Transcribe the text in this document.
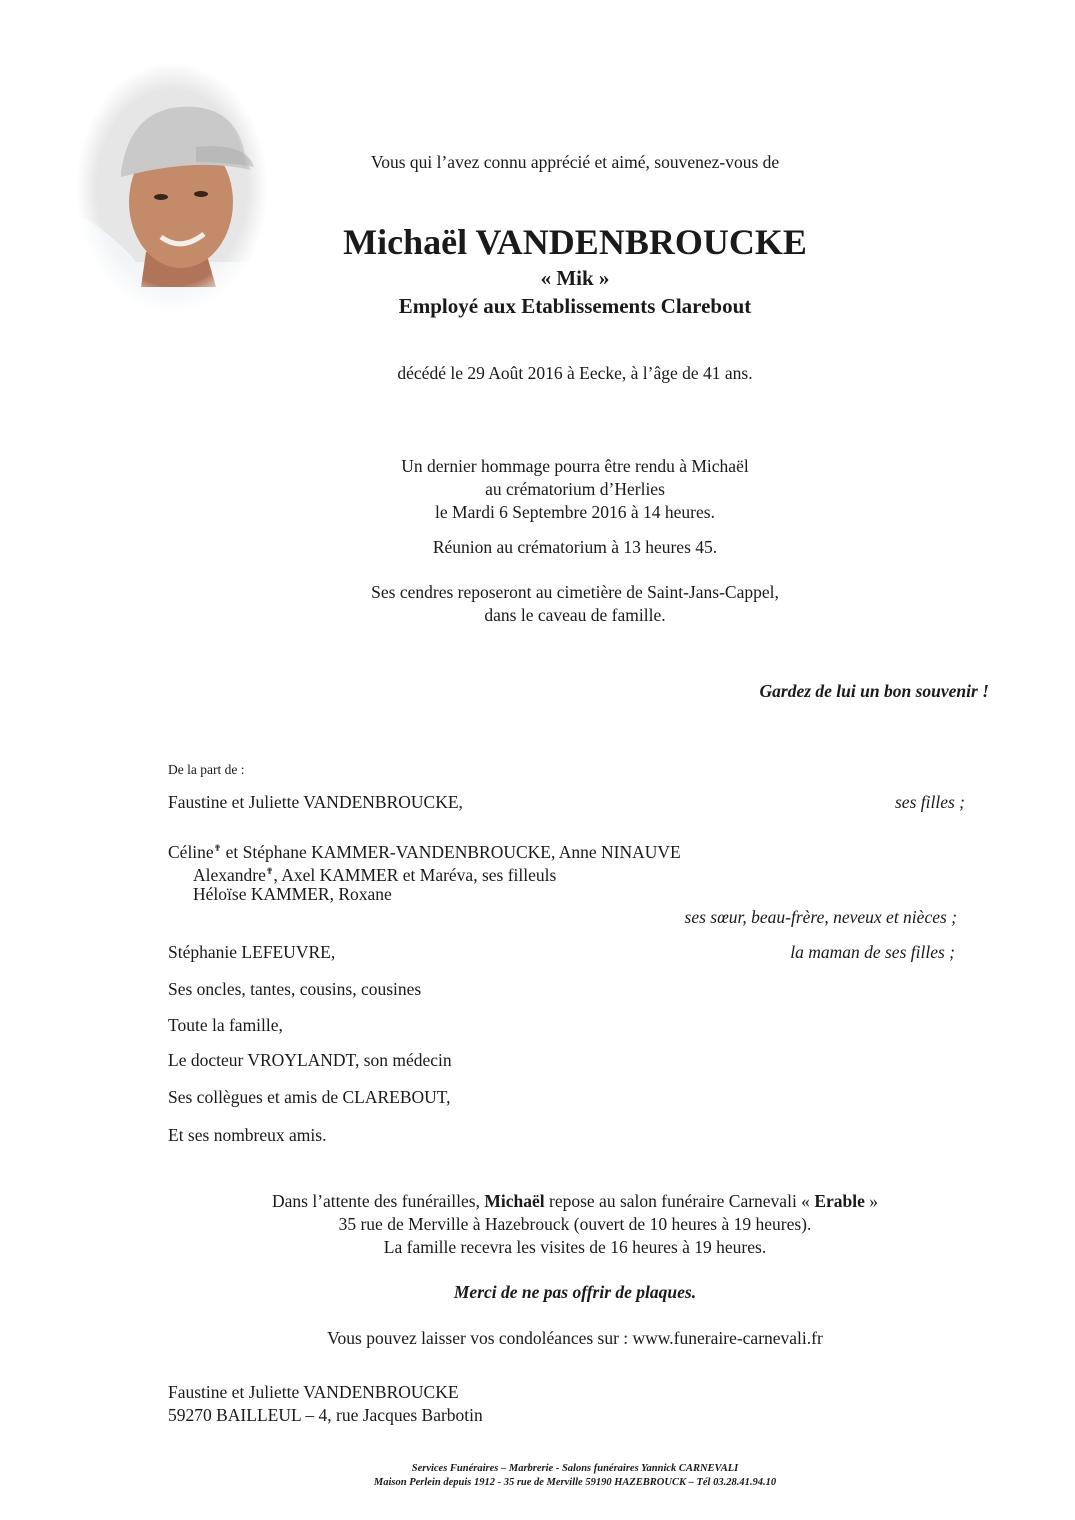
Vous qui l’avez connu apprécié et aimé, souvenez-vous de
Michaël VANDENBROUCKE
« Mik »
Employé aux Etablissements Clarebout
décédé le 29 Août 2016 à Eecke, à l’âge de 41 ans.
Un dernier hommage pourra être rendu à Michaël
au crématorium d’Herlies
le Mardi 6 Septembre 2016 à 14 heures.
Réunion au crématorium à 13 heures 45.
Ses cendres reposeront au cimetière de Saint-Jans-Cappel,
dans le caveau de famille.
Gardez de lui un bon souvenir !
De la part de :
Faustine et Juliette VANDENBROUCKE,	ses filles ;
Céline✟ et Stéphane KAMMER-VANDENBROUCKE, Anne NINAUVE
Alexandre✟, Axel KAMMER et Maréva, ses filleuls
Héloïse KAMMER, Roxane
ses sœur, beau-frère, neveux et nièces ;
Stéphanie LEFEUVRE,	la maman de ses filles ;
Ses oncles, tantes, cousins, cousines
Toute la famille,
Le docteur VROYLANDT, son médecin
Ses collègues et amis de CLAREBOUT,
Et ses nombreux amis.
Dans l’attente des funérailles, Michaël repose au salon funéraire Carnevali « Erable »
35 rue de Merville à Hazebrouck (ouvert de 10 heures à 19 heures).
La famille recevra les visites de 16 heures à 19 heures.
Merci de ne pas offrir de plaques.
Vous pouvez laisser vos condoléances sur : www.funeraire-carnevali.fr
Faustine et Juliette VANDENBROUCKE
59270 BAILLEUL – 4, rue Jacques Barbotin
Services Funéraires – Marbrerie - Salons funéraires Yannick CARNEVALI
Maison Perlein depuis 1912 - 35 rue de Merville 59190 HAZEBROUCK – Tél 03.28.41.94.10
